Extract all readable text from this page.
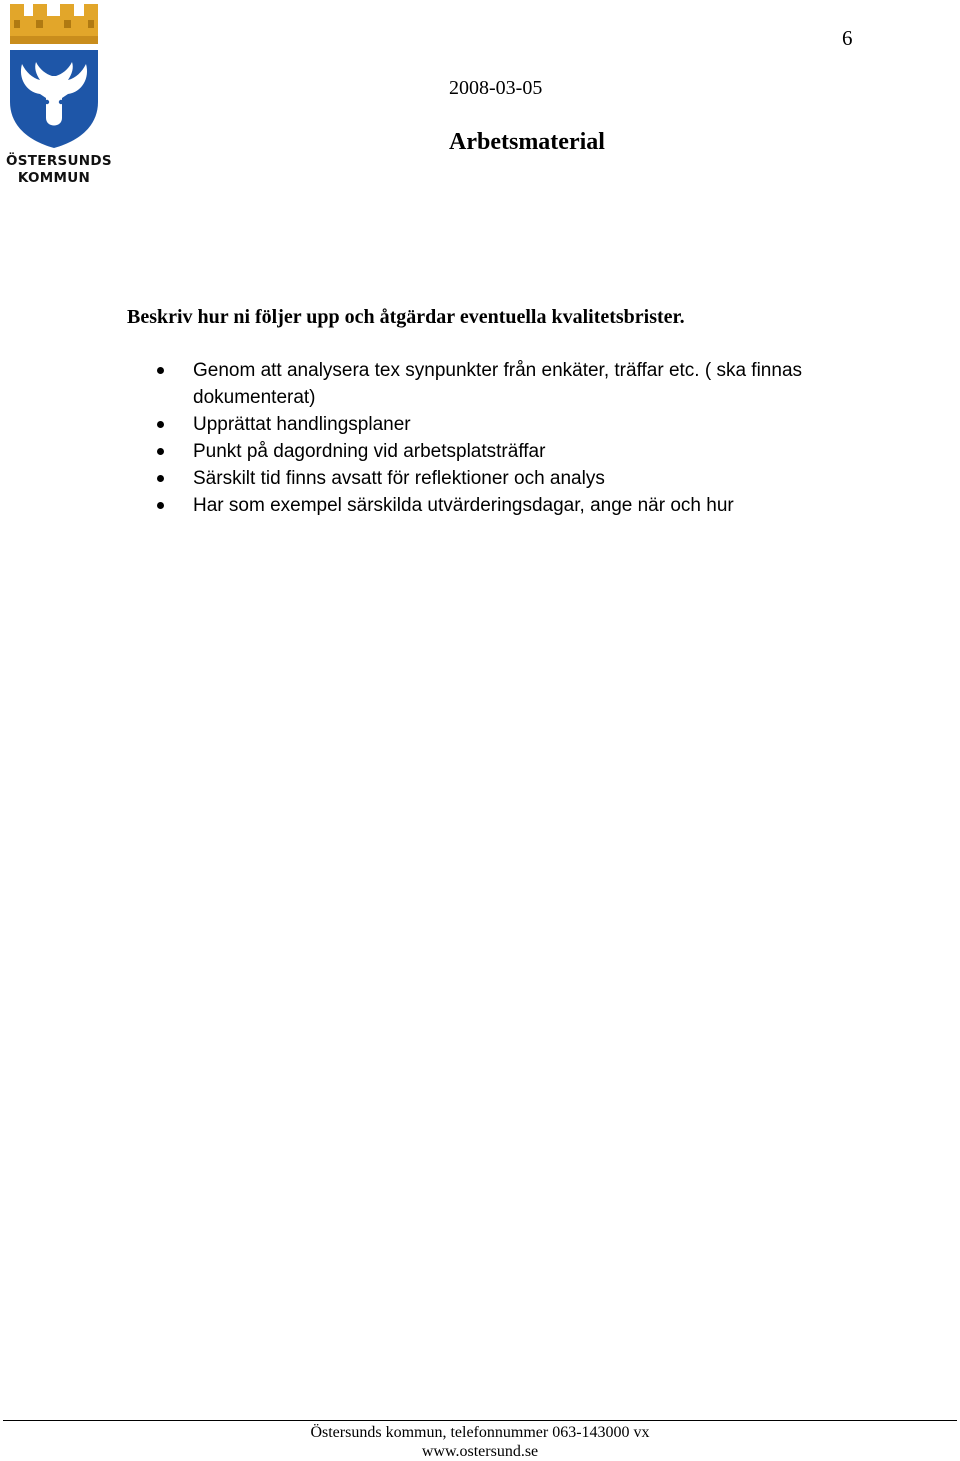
ÖSTERSUNDS
KOMMUN
6
2008-03-05
Arbetsmaterial
Beskriv hur ni följer upp och åtgärdar eventuella kvalitetsbrister.
Genom att analysera tex synpunkter från enkäter, träffar etc. ( ska finnas dokumenterat)
Upprättat handlingsplaner
Punkt på dagordning vid arbetsplatsträffar
Särskilt tid finns avsatt för reflektioner och analys
Har som exempel särskilda utvärderingsdagar, ange när och hur
Östersunds kommun, telefonnummer 063-143000 vx
www.ostersund.se
